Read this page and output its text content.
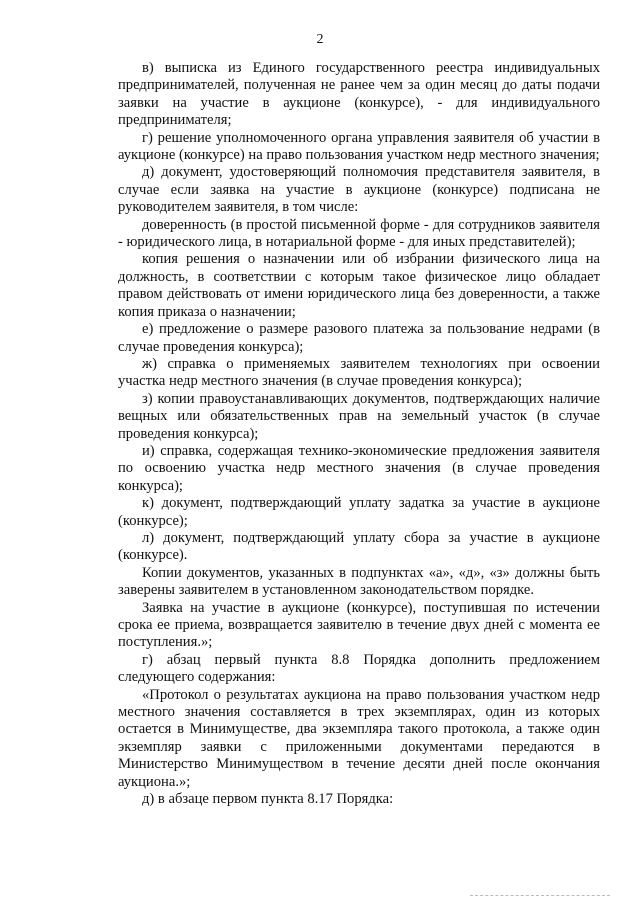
2

в) выписка из Единого государственного реестра индивидуальных предпринимателей, полученная не ранее чем за один месяц до даты подачи заявки на участие в аукционе (конкурсе), - для индивидуального предпринимателя;

г) решение уполномоченного органа управления заявителя об участии в аукционе (конкурсе) на право пользования участком недр местного значения;

д) документ, удостоверяющий полномочия представителя заявителя, в случае если заявка на участие в аукционе (конкурсе) подписана не руководителем заявителя, в том числе:

доверенность (в простой письменной форме - для сотрудников заявителя - юридического лица, в нотариальной форме - для иных представителей);

копия решения о назначении или об избрании физического лица на должность, в соответствии с которым такое физическое лицо обладает правом действовать от имени юридического лица без доверенности, а также копия приказа о назначении;

е) предложение о размере разового платежа за пользование недрами (в случае проведения конкурса);

ж) справка о применяемых заявителем технологиях при освоении участка недр местного значения (в случае проведения конкурса);

з) копии правоустанавливающих документов, подтверждающих наличие вещных или обязательственных прав на земельный участок (в случае проведения конкурса);

и) справка, содержащая технико-экономические предложения заявителя по освоению участка недр местного значения (в случае проведения конкурса);

к) документ, подтверждающий уплату задатка за участие в аукционе (конкурсе);

л) документ, подтверждающий уплату сбора за участие в аукционе (конкурсе).

Копии документов, указанных в подпунктах «а», «д», «з» должны быть заверены заявителем в установленном законодательством порядке.

Заявка на участие в аукционе (конкурсе), поступившая по истечении срока ее приема, возвращается заявителю в течение двух дней с момента ее поступления.»;

г) абзац первый пункта 8.8 Порядка дополнить предложением следующего содержания:

«Протокол о результатах аукциона на право пользования участком недр местного значения составляется в трех экземплярах, один из которых остается в Минимуществе, два экземпляра такого протокола, а также один экземпляр заявки с приложенными документами передаются в Министерство Минимуществом в течение десяти дней после окончания аукциона.»;

д) в абзаце первом пункта 8.17 Порядка:
